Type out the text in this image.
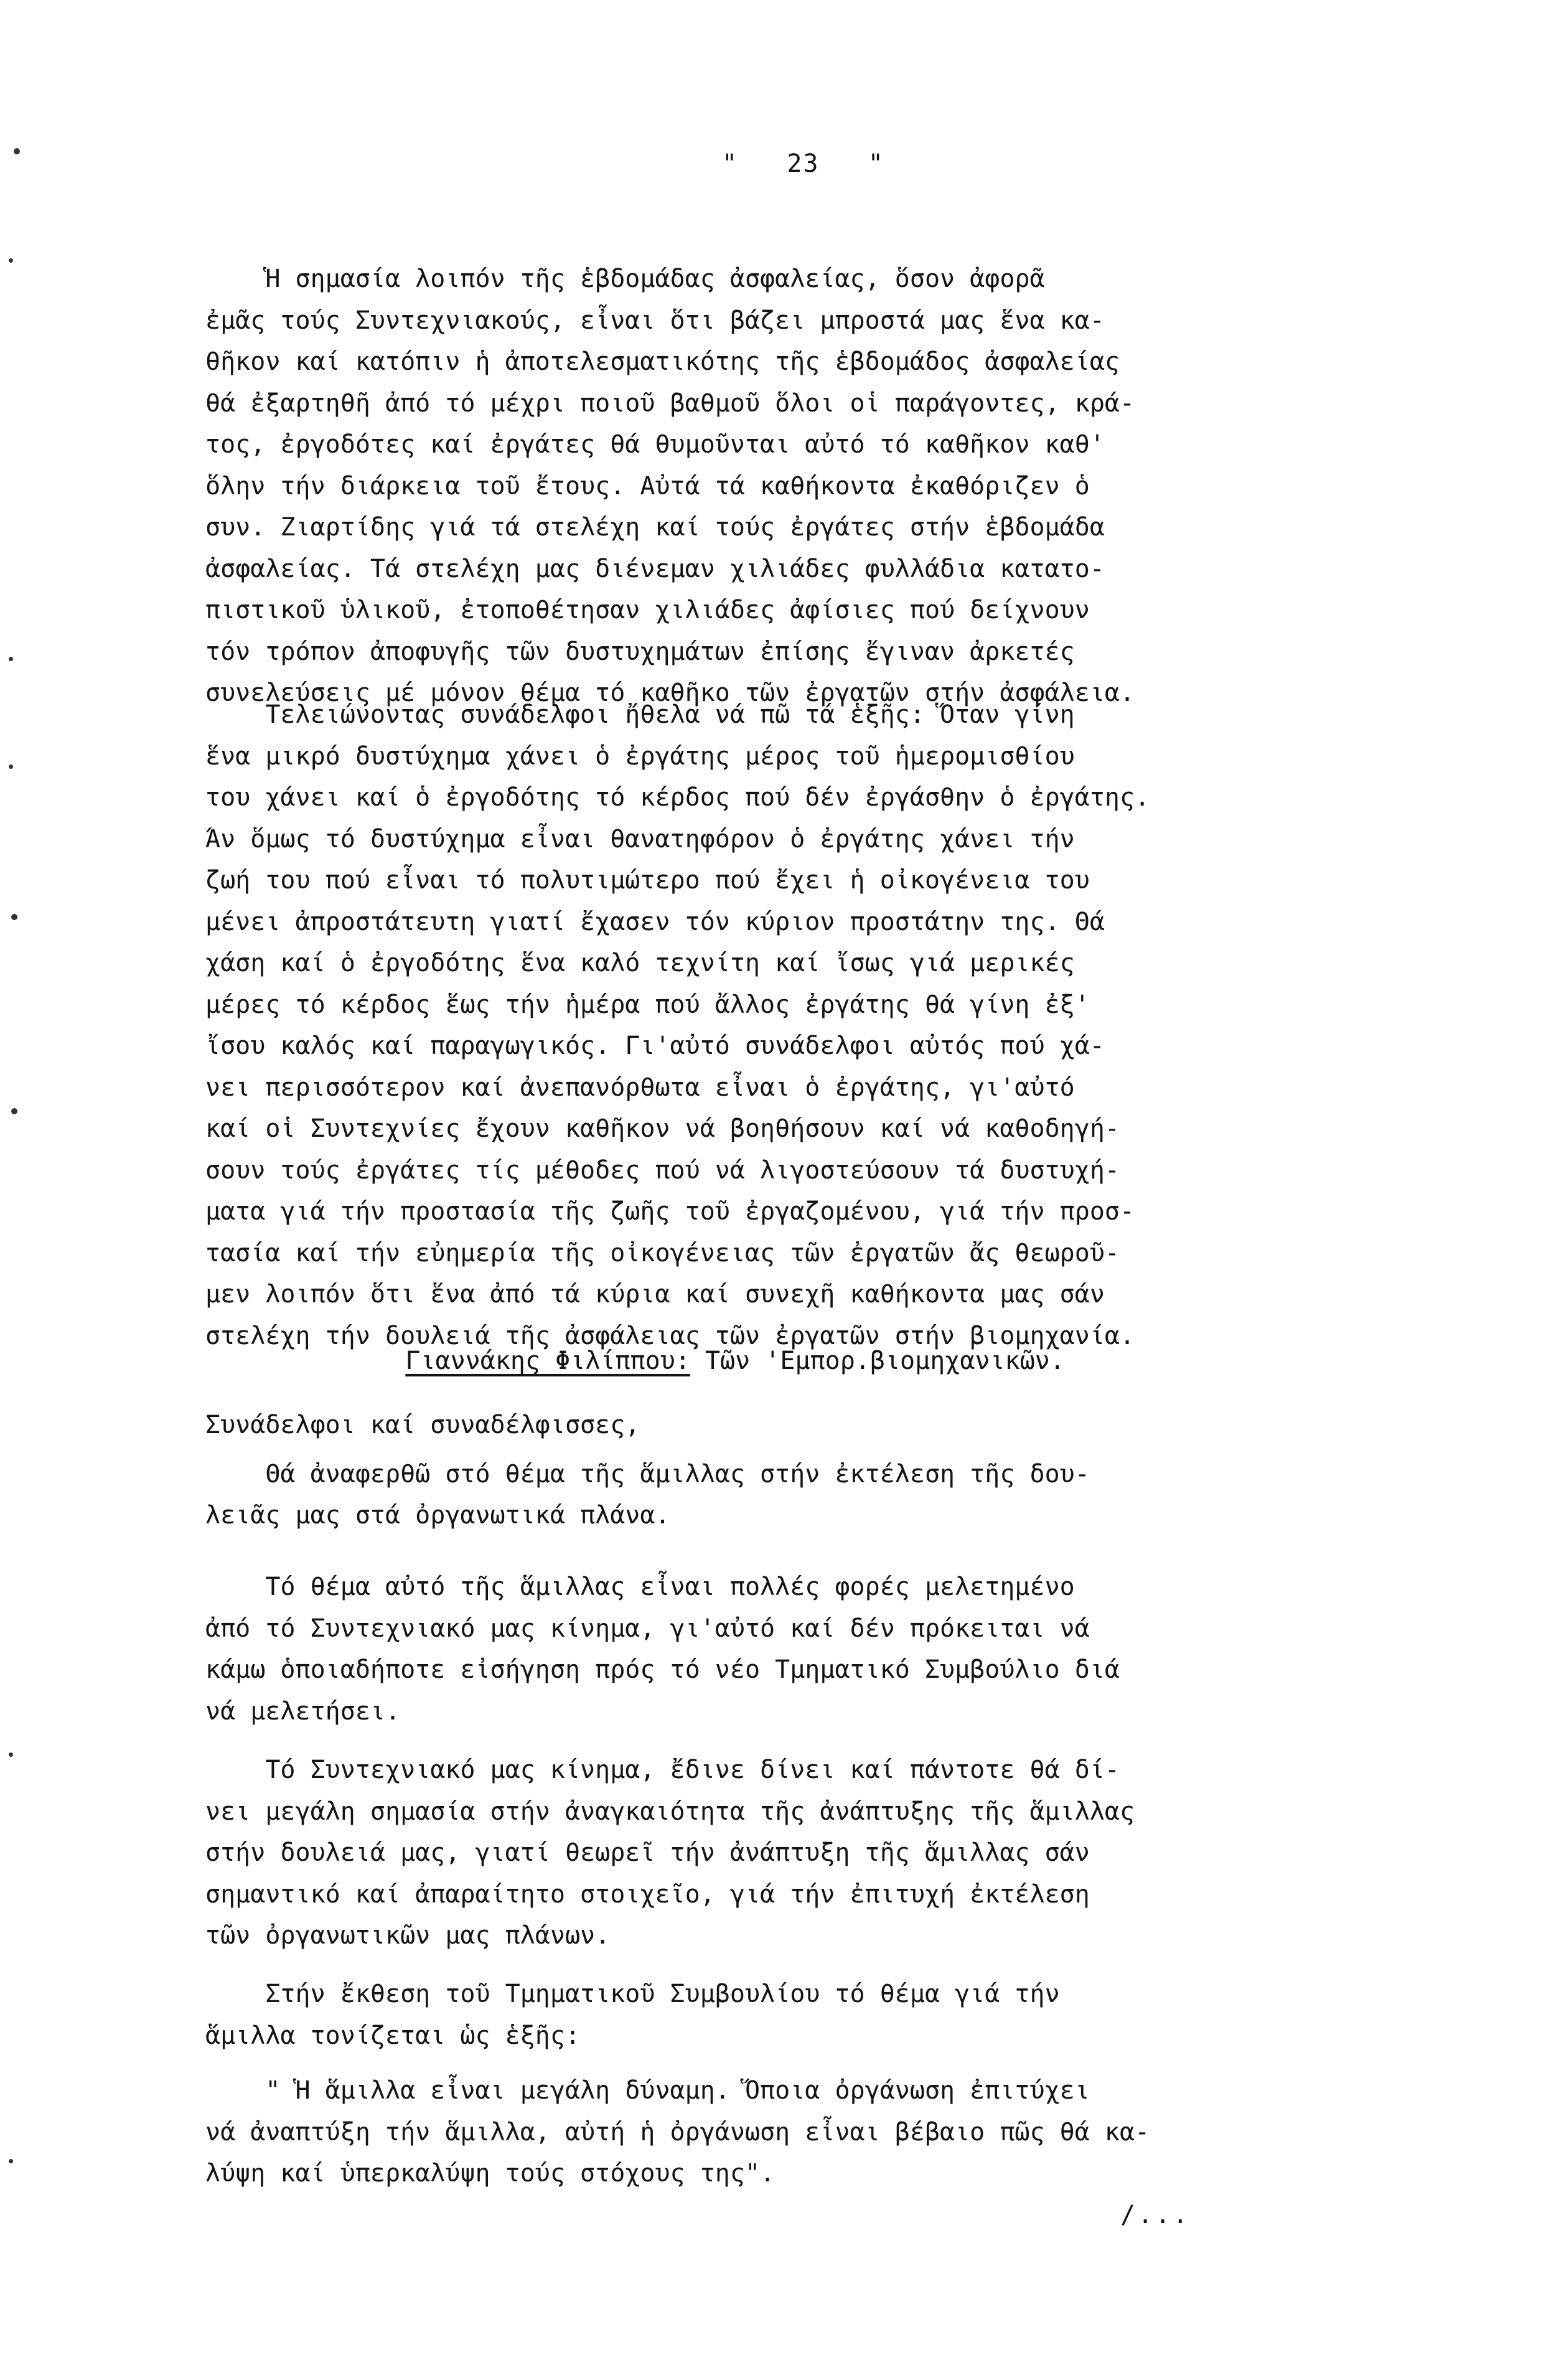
"   23   "
Ἡ σημασία λοιπόν τῆς ἑβδομάδας ἀσφαλείας, ὅσον ἀφορᾶ
ἐμᾶς τούς Συντεχνιακούς, εἶναι ὅτι βάζει μπροστά μας ἕνα κα-
θῆκον καί κατόπιν ἡ ἀποτελεσματικότης τῆς ἑβδομάδος ἀσφαλείας
θά ἐξαρτηθῆ ἀπό τό μέχρι ποιοῦ βαθμοῦ ὅλοι οἱ παράγοντες, κρά-
τος, ἐργοδότες καί ἐργάτες θά θυμοῦνται αὐτό τό καθῆκον καθ'
ὅλην τήν διάρκεια τοῦ ἔτους. Αὐτά τά καθήκοντα ἐκαθόριζεν ὁ
συν. Ζιαρτίδης γιά τά στελέχη καί τούς ἐργάτες στήν ἑβδομάδα
ἀσφαλείας. Τά στελέχη μας διένεμαν χιλιάδες φυλλάδια κατατο-
πιστικοῦ ὑλικοῦ, ἐτοποθέτησαν χιλιάδες ἀφίσιες πού δείχνουν
τόν τρόπον ἀποφυγῆς τῶν δυστυχημάτων ἐπίσης ἔγιναν ἀρκετές
συνελεύσεις μέ μόνον θέμα τό καθῆκο τῶν ἐργατῶν στήν ἀσφάλεια.
Τελειώνοντας συνάδελφοι ἤθελα νά πῶ τά ἑξῆς: Ὅταν γίνη
ἕνα μικρό δυστύχημα χάνει ὁ ἐργάτης μέρος τοῦ ἡμερομισθίου
του χάνει καί ὁ ἐργοδότης τό κέρδος πού δέν ἐργάσθην ὁ ἐργάτης.
Ἄν ὅμως τό δυστύχημα εἶναι θανατηφόρον ὁ ἐργάτης χάνει τήν
ζωή του πού εἶναι τό πολυτιμώτερο πού ἔχει ἡ οἰκογένεια του
μένει ἀπροστάτευτη γιατί ἔχασεν τόν κύριον προστάτην της. Θά
χάση καί ὁ ἐργοδότης ἕνα καλό τεχνίτη καί ἴσως γιά μερικές
μέρες τό κέρδος ἕως τήν ἡμέρα πού ἄλλος ἐργάτης θά γίνη ἐξ'
ἴσου καλός καί παραγωγικός. Γι'αὐτό συνάδελφοι αὐτός πού χά-
νει περισσότερον καί ἀνεπανόρθωτα εἶναι ὁ ἐργάτης, γι'αὐτό
καί οἱ Συντεχνίες ἔχουν καθῆκον νά βοηθήσουν καί νά καθοδηγή-
σουν τούς ἐργάτες τίς μέθοδες πού νά λιγοστεύσουν τά δυστυχή-
ματα γιά τήν προστασία τῆς ζωῆς τοῦ ἐργαζομένου, γιά τήν προσ-
τασία καί τήν εὐημερία τῆς οἰκογένειας τῶν ἐργατῶν ἄς θεωροῦ-
μεν λοιπόν ὅτι ἕνα ἀπό τά κύρια καί συνεχῆ καθήκοντα μας σάν
στελέχη τήν δουλειά τῆς ἀσφάλειας τῶν ἐργατῶν στήν βιομηχανία.

Γιαννάκης Φιλίππου: Τῶν 'Εμπορ.βιομηχανικῶν.

Συνάδελφοι καί συναδέλφισσες,
Θά ἀναφερθῶ στό θέμα τῆς ἅμιλλας στήν ἐκτέλεση τῆς δου-
λειᾶς μας στά ὀργανωτικά πλάνα.
Τό θέμα αὐτό τῆς ἅμιλλας εἶναι πολλές φορές μελετημένο
ἀπό τό Συντεχνιακό μας κίνημα, γι'αὐτό καί δέν πρόκειται νά
κάμω ὁποιαδήποτε εἰσήγηση πρός τό νέο Τμηματικό Συμβούλιο διά
νά μελετήσει.
Τό Συντεχνιακό μας κίνημα, ἔδινε δίνει καί πάντοτε θά δί-
νει μεγάλη σημασία στήν ἀναγκαιότητα τῆς ἀνάπτυξης τῆς ἅμιλλας
στήν δουλειά μας, γιατί θεωρεῖ τήν ἀνάπτυξη τῆς ἅμιλλας σάν
σημαντικό καί ἀπαραίτητο στοιχεῖο, γιά τήν ἐπιτυχή ἐκτέλεση
τῶν ὀργανωτικῶν μας πλάνων.
Στήν ἔκθεση τοῦ Τμηματικοῦ Συμβουλίου τό θέμα γιά τήν
ἅμιλλα τονίζεται ὡς ἑξῆς:
" Ἡ ἅμιλλα εἶναι μεγάλη δύναμη. Ὅποια ὀργάνωση ἐπιτύχει
νά ἀναπτύξη τήν ἅμιλλα, αὐτή ἡ ὀργάνωση εἶναι βέβαιο πῶς θά κα-
λύψη καί ὑπερκαλύψη τούς στόχους της".
/...
